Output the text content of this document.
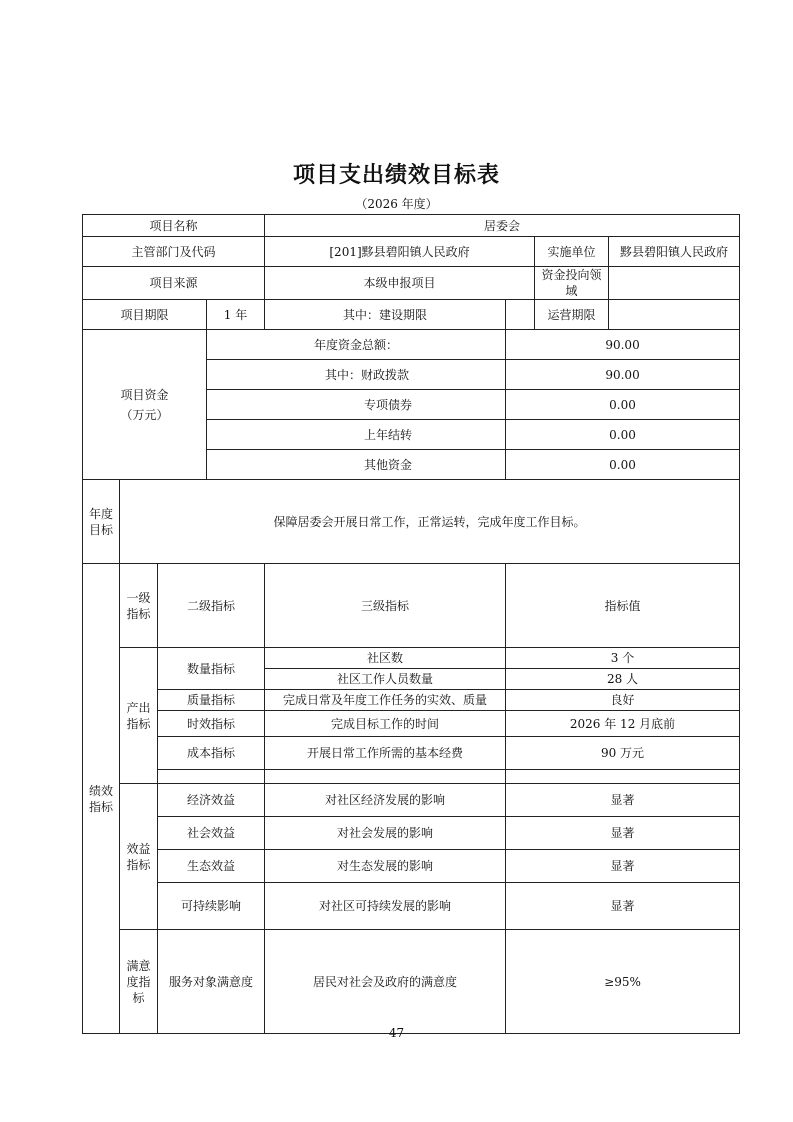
项目支出绩效目标表
（2026 年度）
项目名称				居委会			
主管部门及代码				[201]黟县碧阳镇人民政府		实施单位	黟县碧阳镇人民政府
项目来源				本级申报项目		资金投向领域	
项目期限			1 年	其中：建设期限		运营期限	

项目资金
（万元）			年度资金总额：		90.00		
			其中：财政拨款		90.00		
			专项债券		0.00		
			上年结转		0.00		
			其他资金		0.00		
年度目标	保障居委会开展日常工作，正常运转，完成年度工作目标。						
绩效指标	一级指标	二级指标		三级指标	指标值		
	产出指标	数量指标		社区数	3 个		
				社区工作人员数量	28 人		
		质量指标		完成日常及年度工作任务的实效、质量	良好		
		时效指标		完成目标工作的时间	2026 年 12 月底前		
		成本指标		开展日常工作所需的基本经费	90 万元		

	效益指标	经济效益		对社区经济发展的影响	显著		
		社会效益		对社会发展的影响	显著		
		生态效益		对生态发展的影响	显著		
		可持续影响		对社区可持续发展的影响	显著		
	满意度指标	服务对象满意度		居民对社会及政府的满意度	≥95%		
47
